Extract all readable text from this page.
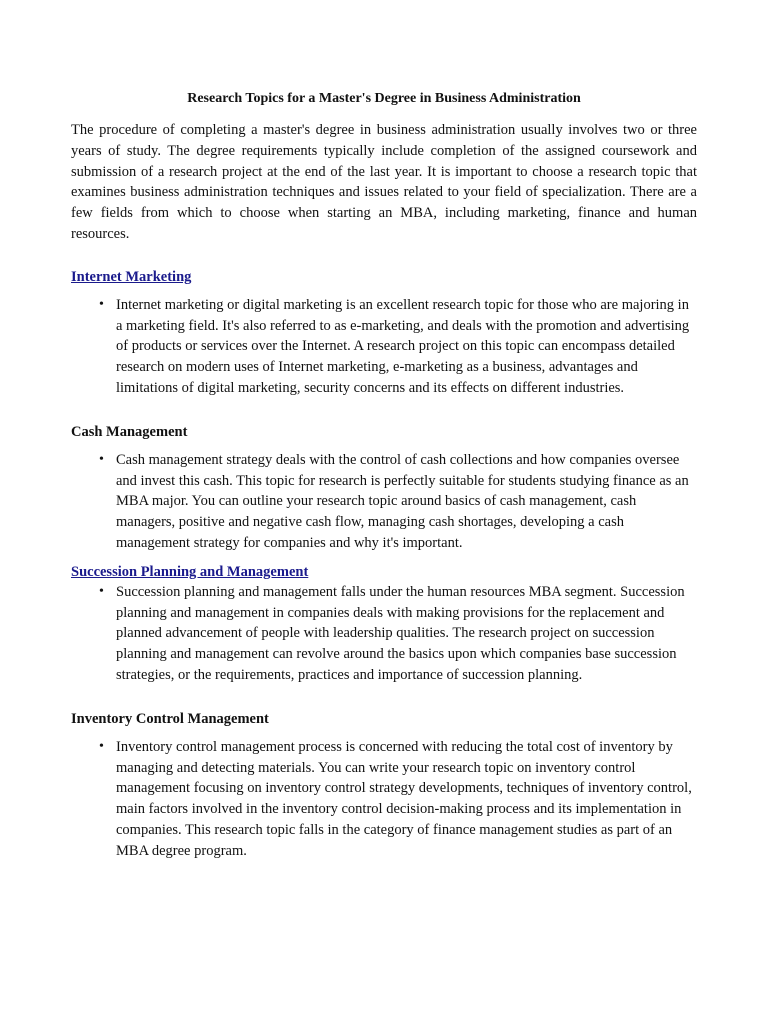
Research Topics for a Master's Degree in Business Administration

The procedure of completing a master's degree in business administration usually involves two or three years of study. The degree requirements typically include completion of the assigned coursework and submission of a research project at the end of the last year. It is important to choose a research topic that examines business administration techniques and issues related to your field of specialization. There are a few fields from which to choose when starting an MBA, including marketing, finance and human resources.

Internet Marketing
• Internet marketing or digital marketing is an excellent research topic for those who are majoring in a marketing field. It's also referred to as e-marketing, and deals with the promotion and advertising of products or services over the Internet. A research project on this topic can encompass detailed research on modern uses of Internet marketing, e-marketing as a business, advantages and limitations of digital marketing, security concerns and its effects on different industries.
Cash Management
• Cash management strategy deals with the control of cash collections and how companies oversee and invest this cash. This topic for research is perfectly suitable for students studying finance as an MBA major. You can outline your research topic around basics of cash management, cash managers, positive and negative cash flow, managing cash shortages, developing a cash management strategy for companies and why it's important.
Succession Planning and Management
• Succession planning and management falls under the human resources MBA segment. Succession planning and management in companies deals with making provisions for the replacement and planned advancement of people with leadership qualities. The research project on succession planning and management can revolve around the basics upon which companies base succession strategies, or the requirements, practices and importance of succession planning.
Inventory Control Management
• Inventory control management process is concerned with reducing the total cost of inventory by managing and detecting materials. You can write your research topic on inventory control management focusing on inventory control strategy developments, techniques of inventory control, main factors involved in the inventory control decision-making process and its implementation in companies. This research topic falls in the category of finance management studies as part of an MBA degree program.
